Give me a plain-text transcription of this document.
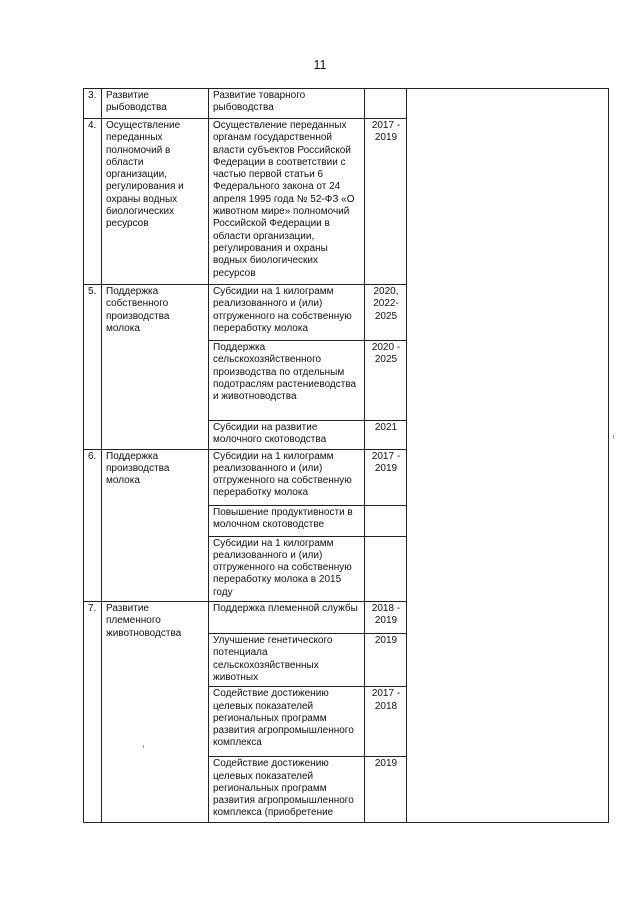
11
3.	Развитие рыбоводства	Развитие товарного рыбоводства		
4.	Осуществление переданных полномочий в области организации, регулирования и охраны водных биологических ресурсов	Осуществление переданных органам государственной власти субъектов Российской Федерации в соответствии с частью первой статьи 6 Федерального закона от 24 апреля 1995 года № 52-ФЗ «О животном мире» полномочий Российской Федерации в области организации, регулирования и охраны водных биологических ресурсов	2017 - 2019	
5.	Поддержка собственного производства молока	Субсидии на 1 килограмм реализованного и (или) отгруженного на собственную переработку молока	2020, 2022- 2025	
		Поддержка сельскохозяйственного производства по отдельным подотраслям растениеводства и животноводства	2020 - 2025	
		Субсидии на развитие молочного скотоводства	2021	
6.	Поддержка производства молока	Субсидии на 1 килограмм реализованного и (или) отгруженного на собственную переработку молока	2017 - 2019	
		Повышение продуктивности в молочном скотоводстве		
		Субсидии на 1 килограмм реализованного и (или) отгруженного на собственную переработку молока в 2015 году		
7.	Развитие племенного животноводства	Поддержка племенной службы	2018 - 2019	
		Улучшение генетического потенциала сельскохозяйственных животных	2019	
		Содействие достижению целевых показателей региональных программ развития агропромышленного комплекса	2017 - 2018	
		Содействие достижению целевых показателей региональных программ развития агропромышленного комплекса (приобретение	2019	
